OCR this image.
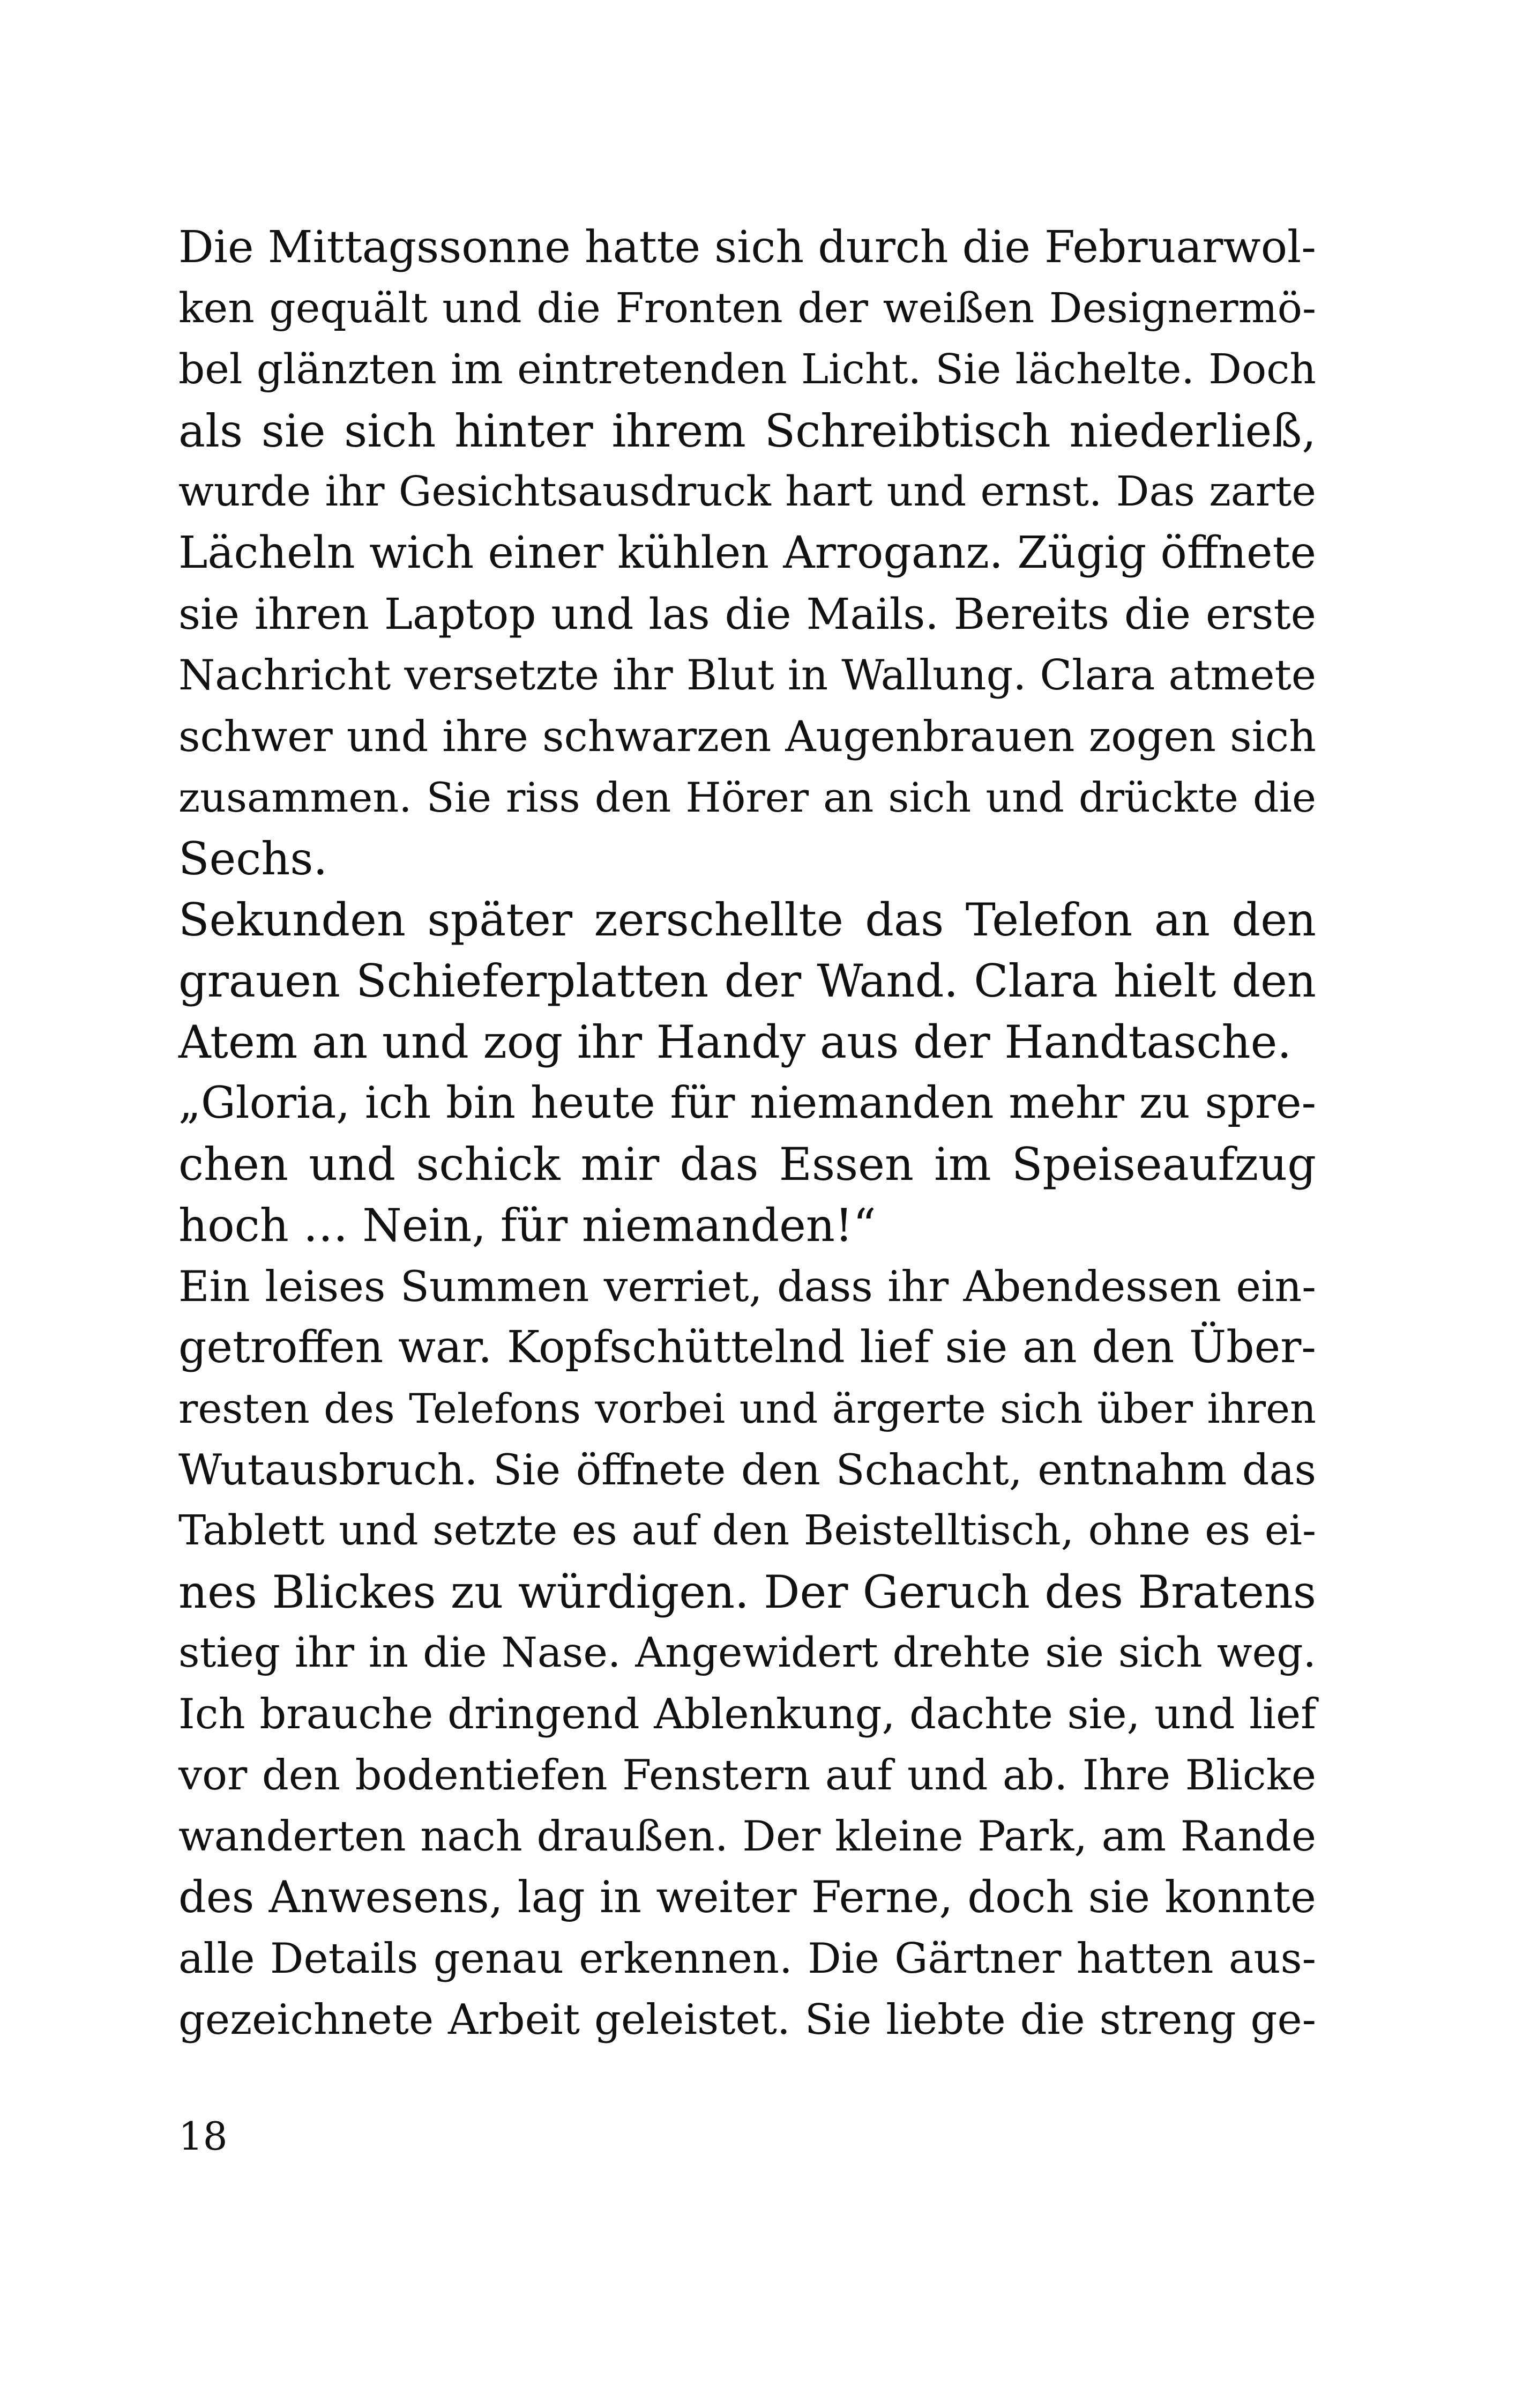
Die Mittagssonne hatte sich durch die Februarwol-
ken gequält und die Fronten der weißen Designermö-
bel glänzten im eintretenden Licht. Sie lächelte. Doch
als sie sich hinter ihrem Schreibtisch niederließ,
wurde ihr Gesichtsausdruck hart und ernst. Das zarte
Lächeln wich einer kühlen Arroganz. Zügig öffnete
sie ihren Laptop und las die Mails. Bereits die erste
Nachricht versetzte ihr Blut in Wallung. Clara atmete
schwer und ihre schwarzen Augenbrauen zogen sich
zusammen. Sie riss den Hörer an sich und drückte die
Sechs.
Sekunden später zerschellte das Telefon an den
grauen Schieferplatten der Wand. Clara hielt den
Atem an und zog ihr Handy aus der Handtasche.
„Gloria, ich bin heute für niemanden mehr zu spre-
chen und schick mir das Essen im Speiseaufzug
hoch … Nein, für niemanden!“
Ein leises Summen verriet, dass ihr Abendessen ein-
getroffen war. Kopfschüttelnd lief sie an den Über-
resten des Telefons vorbei und ärgerte sich über ihren
Wutausbruch. Sie öffnete den Schacht, entnahm das
Tablett und setzte es auf den Beistelltisch, ohne es ei-
nes Blickes zu würdigen. Der Geruch des Bratens
stieg ihr in die Nase. Angewidert drehte sie sich weg.
Ich brauche dringend Ablenkung, dachte sie, und lief
vor den bodentiefen Fenstern auf und ab. Ihre Blicke
wanderten nach draußen. Der kleine Park, am Rande
des Anwesens, lag in weiter Ferne, doch sie konnte
alle Details genau erkennen. Die Gärtner hatten aus-
gezeichnete Arbeit geleistet. Sie liebte die streng ge-
18
